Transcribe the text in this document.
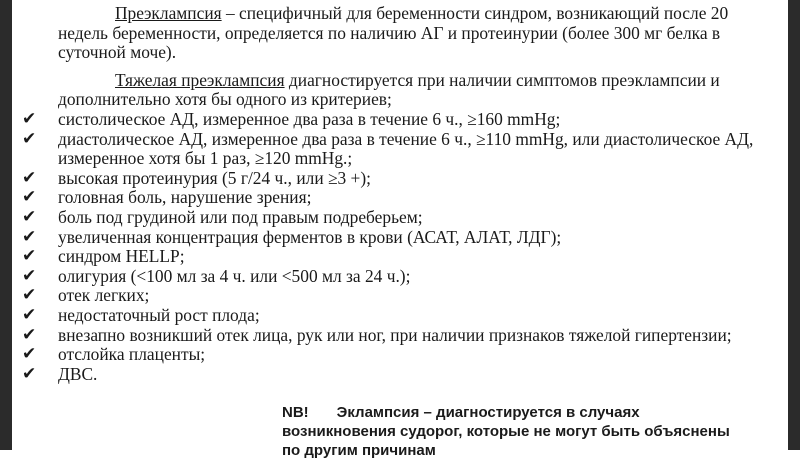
Преэклампсия – специфичный для беременности синдром, возникающий после 20 недель беременности, определяется по наличию АГ и протеинурии (более 300 мг белка в суточной моче).

Тяжелая преэклампсия диагностируется при наличии симптомов преэклампсии и дополнительно хотя бы одного из критериев;

✔ систолическое АД, измеренное два раза в течение 6 ч., ≥160 mmHg;
✔ диастолическое АД, измеренное два раза в течение 6 ч., ≥110 mmHg, или диастолическое АД, измеренное хотя бы 1 раз, ≥120 mmHg.;
✔ высокая протеинурия (5 г/24 ч., или ≥3 +);
✔ головная боль, нарушение зрения;
✔ боль под грудиной или под правым подреберьем;
✔ увеличенная концентрация ферментов в крови (АСАТ, АЛАТ, ЛДГ);
✔ синдром HELLP;
✔ олигурия (<100 мл за 4 ч. или <500 мл за 24 ч.);
✔ отек легких;
✔ недостаточный рост плода;
✔ внезапно возникший отек лица, рук или ног, при наличии признаков тяжелой гипертензии;
✔ отслойка плаценты;
✔ ДВС.
NB! Эклампсия – диагностируется в случаях возникновения судорог, которые не могут быть объяснены по другим причинам
